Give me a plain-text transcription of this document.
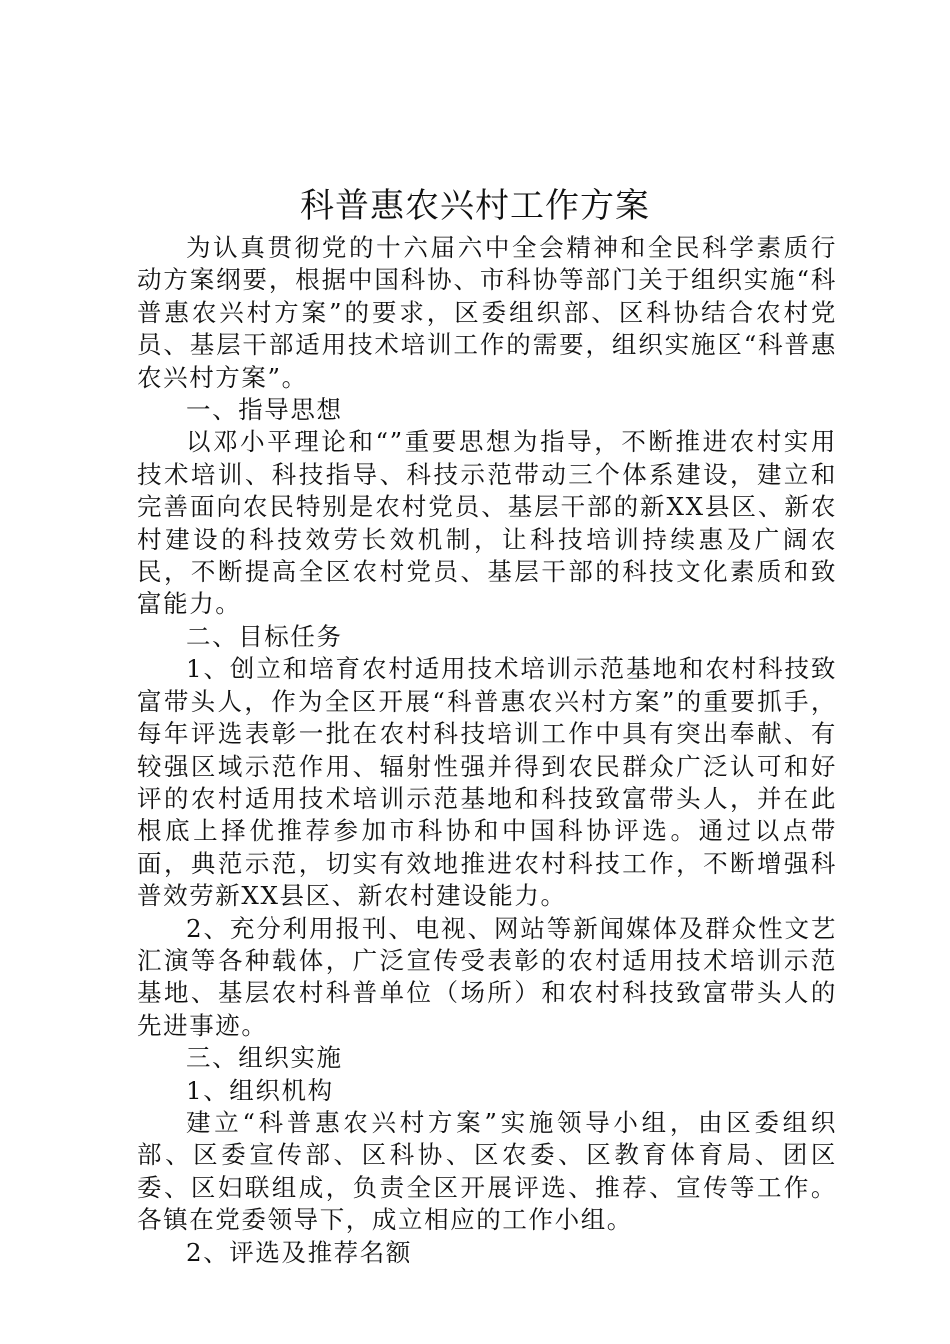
科普惠农兴村工作方案

为认真贯彻党的十六届六中全会精神和全民科学素质行动方案纲要，根据中国科协、市科协等部门关于组织实施“科普惠农兴村方案”的要求，区委组织部、区科协结合农村党员、基层干部适用技术培训工作的需要，组织实施区“科普惠农兴村方案”。

一、指导思想

以邓小平理论和“”重要思想为指导，不断推进农村实用技术培训、科技指导、科技示范带动三个体系建设，建立和完善面向农民特别是农村党员、基层干部的新XX县区、新农村建设的科技效劳长效机制，让科技培训持续惠及广阔农民，不断提高全区农村党员、基层干部的科技文化素质和致富能力。

二、目标任务

1、创立和培育农村适用技术培训示范基地和农村科技致富带头人，作为全区开展“科普惠农兴村方案”的重要抓手，每年评选表彰一批在农村科技培训工作中具有突出奉献、有较强区域示范作用、辐射性强并得到农民群众广泛认可和好评的农村适用技术培训示范基地和科技致富带头人，并在此根底上择优推荐参加市科协和中国科协评选。通过以点带面，典范示范，切实有效地推进农村科技工作，不断增强科普效劳新XX县区、新农村建设能力。

2、充分利用报刊、电视、网站等新闻媒体及群众性文艺汇演等各种载体，广泛宣传受表彰的农村适用技术培训示范基地、基层农村科普单位（场所）和农村科技致富带头人的先进事迹。

三、组织实施

1、组织机构

建立“科普惠农兴村方案”实施领导小组，由区委组织部、区委宣传部、区科协、区农委、区教育体育局、团区委、区妇联组成，负责全区开展评选、推荐、宣传等工作。各镇在党委领导下，成立相应的工作小组。

2、评选及推荐名额
